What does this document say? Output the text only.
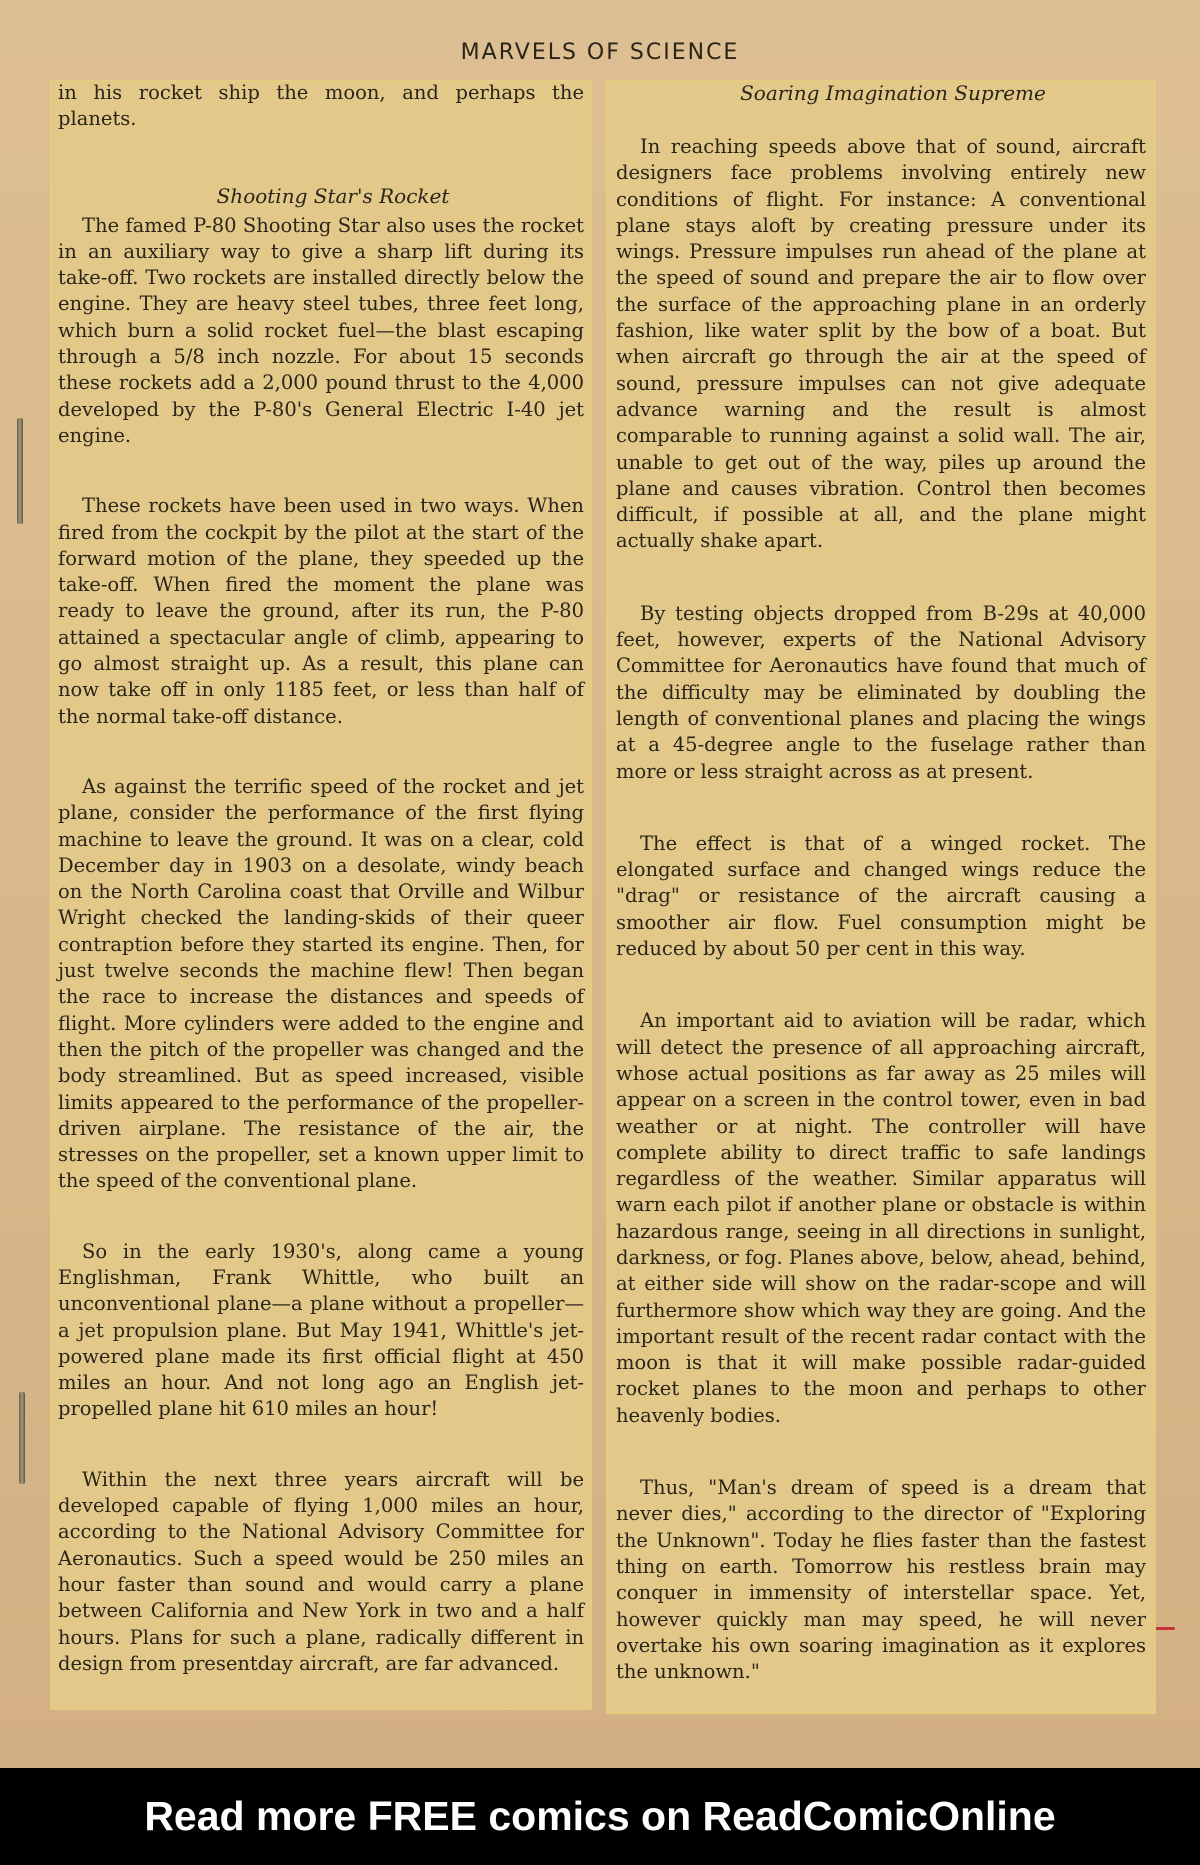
MARVELS OF SCIENCE

in his rocket ship the moon, and perhaps the planets.

Shooting Star's Rocket

The famed P-80 Shooting Star also uses the rocket in an auxiliary way to give a sharp lift during its take-off. Two rockets are installed directly below the engine. They are heavy steel tubes, three feet long, which burn a solid rocket fuel—the blast escaping through a 5/8 inch nozzle. For about 15 seconds these rockets add a 2,000 pound thrust to the 4,000 developed by the P-80's General Electric I-40 jet engine.

These rockets have been used in two ways. When fired from the cockpit by the pilot at the start of the forward motion of the plane, they speeded up the take-off. When fired the moment the plane was ready to leave the ground, after its run, the P-80 attained a spectacular angle of climb, appearing to go almost straight up. As a result, this plane can now take off in only 1185 feet, or less than half of the normal take-off distance.

As against the terrific speed of the rocket and jet plane, consider the performance of the first flying machine to leave the ground. It was on a clear, cold December day in 1903 on a desolate, windy beach on the North Carolina coast that Orville and Wilbur Wright checked the landing-skids of their queer contraption before they started its engine. Then, for just twelve seconds the machine flew! Then began the race to increase the distances and speeds of flight. More cylinders were added to the engine and then the pitch of the propeller was changed and the body streamlined. But as speed increased, visible limits appeared to the performance of the propeller-driven airplane. The resistance of the air, the stresses on the propeller, set a known upper limit to the speed of the conventional plane.

So in the early 1930's, along came a young Englishman, Frank Whittle, who built an unconventional plane—a plane without a propeller—a jet propulsion plane. But May 1941, Whittle's jet-powered plane made its first official flight at 450 miles an hour. And not long ago an English jet-propelled plane hit 610 miles an hour!

Within the next three years aircraft will be developed capable of flying 1,000 miles an hour, according to the National Advisory Committee for Aeronautics. Such a speed would be 250 miles an hour faster than sound and would carry a plane between California and New York in two and a half hours. Plans for such a plane, radically different in design from presentday aircraft, are far advanced.

Soaring Imagination Supreme

In reaching speeds above that of sound, aircraft designers face problems involving entirely new conditions of flight. For instance: A conventional plane stays aloft by creating pressure under its wings. Pressure impulses run ahead of the plane at the speed of sound and prepare the air to flow over the surface of the approaching plane in an orderly fashion, like water split by the bow of a boat. But when aircraft go through the air at the speed of sound, pressure impulses can not give adequate advance warning and the result is almost comparable to running against a solid wall. The air, unable to get out of the way, piles up around the plane and causes vibration. Control then becomes difficult, if possible at all, and the plane might actually shake apart.

By testing objects dropped from B-29s at 40,000 feet, however, experts of the National Advisory Committee for Aeronautics have found that much of the difficulty may be eliminated by doubling the length of conventional planes and placing the wings at a 45-degree angle to the fuselage rather than more or less straight across as at present.

The effect is that of a winged rocket. The elongated surface and changed wings reduce the "drag" or resistance of the aircraft causing a smoother air flow. Fuel consumption might be reduced by about 50 per cent in this way.

An important aid to aviation will be radar, which will detect the presence of all approaching aircraft, whose actual positions as far away as 25 miles will appear on a screen in the control tower, even in bad weather or at night. The controller will have complete ability to direct traffic to safe landings regardless of the weather. Similar apparatus will warn each pilot if another plane or obstacle is within hazardous range, seeing in all directions in sunlight, darkness, or fog. Planes above, below, ahead, behind, at either side will show on the radar-scope and will furthermore show which way they are going. And the important result of the recent radar contact with the moon is that it will make possible radar-guided rocket planes to the moon and perhaps to other heavenly bodies.

Thus, "Man's dream of speed is a dream that never dies," according to the director of "Exploring the Unknown". Today he flies faster than the fastest thing on earth. Tomorrow his restless brain may conquer in immensity of interstellar space. Yet, however quickly man may speed, he will never overtake his own soaring imagination as it explores the unknown."

Read more FREE comics on ReadComicOnline
